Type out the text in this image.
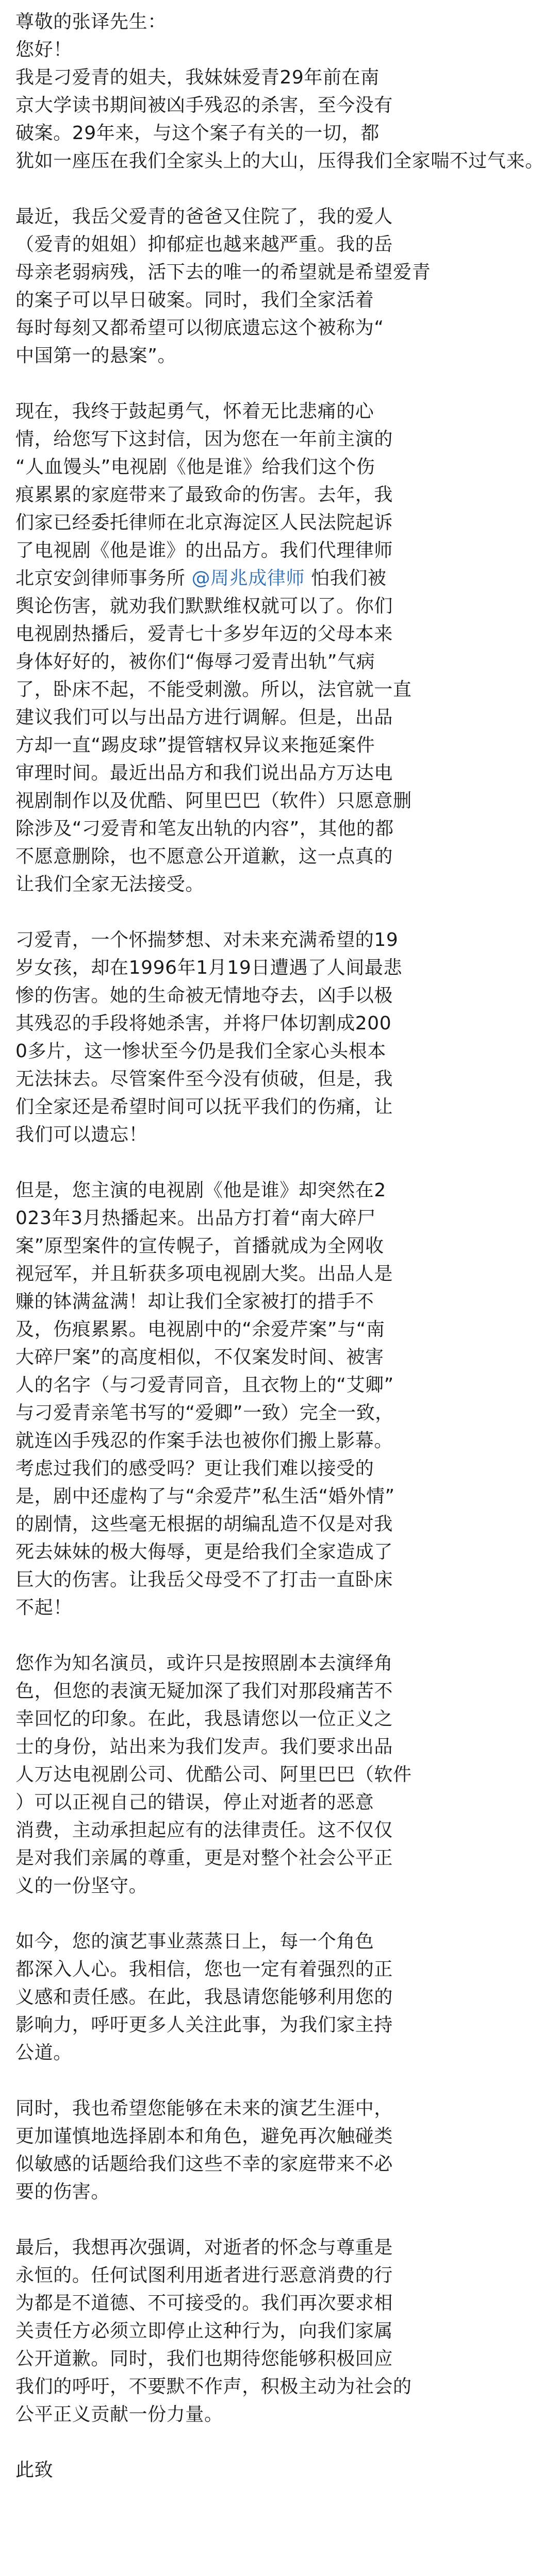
尊敬的张译先生：
您好！
我是刁爱青的姐夫，我妹妹爱青29年前在南
京大学读书期间被凶手残忍的杀害，至今没有
破案。29年来，与这个案子有关的一切，都
犹如一座压在我们全家头上的大山，压得我们全家喘不过气来。
最近，我岳父爱青的爸爸又住院了，我的爱人
（爱青的姐姐）抑郁症也越来越严重。我的岳
母亲老弱病残，活下去的唯一的希望就是希望爱青
的案子可以早日破案。同时，我们全家活着
每时每刻又都希望可以彻底遗忘这个被称为“
中国第一的悬案”。
现在，我终于鼓起勇气，怀着无比悲痛的心
情，给您写下这封信，因为您在一年前主演的
“人血馒头”电视剧《他是谁》给我们这个伤
痕累累的家庭带来了最致命的伤害。去年，我
们家已经委托律师在北京海淀区人民法院起诉
了电视剧《他是谁》的出品方。我们代理律师
北京安剑律师事务所 @周兆成律师 怕我们被
舆论伤害，就劝我们默默维权就可以了。你们
电视剧热播后，爱青七十多岁年迈的父母本来
身体好好的，被你们“侮辱刁爱青出轨”气病
了，卧床不起，不能受刺激。所以，法官就一直
建议我们可以与出品方进行调解。但是，出品
方却一直“踢皮球”提管辖权异议来拖延案件
审理时间。最近出品方和我们说出品方万达电
视剧制作以及优酷、阿里巴巴（软件）只愿意删
除涉及“刁爱青和笔友出轨的内容”，其他的都
不愿意删除，也不愿意公开道歉，这一点真的
让我们全家无法接受。
刁爱青，一个怀揣梦想、对未来充满希望的19
岁女孩，却在1996年1月19日遭遇了人间最悲
惨的伤害。她的生命被无情地夺去，凶手以极
其残忍的手段将她杀害，并将尸体切割成200
0多片，这一惨状至今仍是我们全家心头根本
无法抹去。尽管案件至今没有侦破，但是，我
们全家还是希望时间可以抚平我们的伤痛，让
我们可以遗忘！
但是，您主演的电视剧《他是谁》却突然在2
023年3月热播起来。出品方打着“南大碎尸
案”原型案件的宣传幌子，首播就成为全网收
视冠军，并且斩获多项电视剧大奖。出品人是
赚的钵满盆满！却让我们全家被打的措手不
及，伤痕累累。电视剧中的“余爱芹案”与“南
大碎尸案”的高度相似，不仅案发时间、被害
人的名字（与刁爱青同音，且衣物上的“艾卿”
与刁爱青亲笔书写的“爱卿”一致）完全一致，
就连凶手残忍的作案手法也被你们搬上影幕。
考虑过我们的感受吗？更让我们难以接受的
是，剧中还虚构了与“余爱芹”私生活“婚外情”
的剧情，这些毫无根据的胡编乱造不仅是对我
死去妹妹的极大侮辱，更是给我们全家造成了
巨大的伤害。让我岳父母受不了打击一直卧床
不起！
您作为知名演员，或许只是按照剧本去演绎角
色，但您的表演无疑加深了我们对那段痛苦不
幸回忆的印象。在此，我恳请您以一位正义之
士的身份，站出来为我们发声。我们要求出品
人万达电视剧公司、优酷公司、阿里巴巴（软件
）可以正视自己的错误，停止对逝者的恶意
消费，主动承担起应有的法律责任。这不仅仅
是对我们亲属的尊重，更是对整个社会公平正
义的一份坚守。
如今，您的演艺事业蒸蒸日上，每一个角色
都深入人心。我相信，您也一定有着强烈的正
义感和责任感。在此，我恳请您能够利用您的
影响力，呼吁更多人关注此事，为我们家主持
公道。
同时，我也希望您能够在未来的演艺生涯中，
更加谨慎地选择剧本和角色，避免再次触碰类
似敏感的话题给我们这些不幸的家庭带来不必
要的伤害。
最后，我想再次强调，对逝者的怀念与尊重是
永恒的。任何试图利用逝者进行恶意消费的行
为都是不道德、不可接受的。我们再次要求相
关责任方必须立即停止这种行为，向我们家属
公开道歉。同时，我们也期待您能够积极回应
我们的呼吁，不要默不作声，积极主动为社会的
公平正义贡献一份力量。
此致
